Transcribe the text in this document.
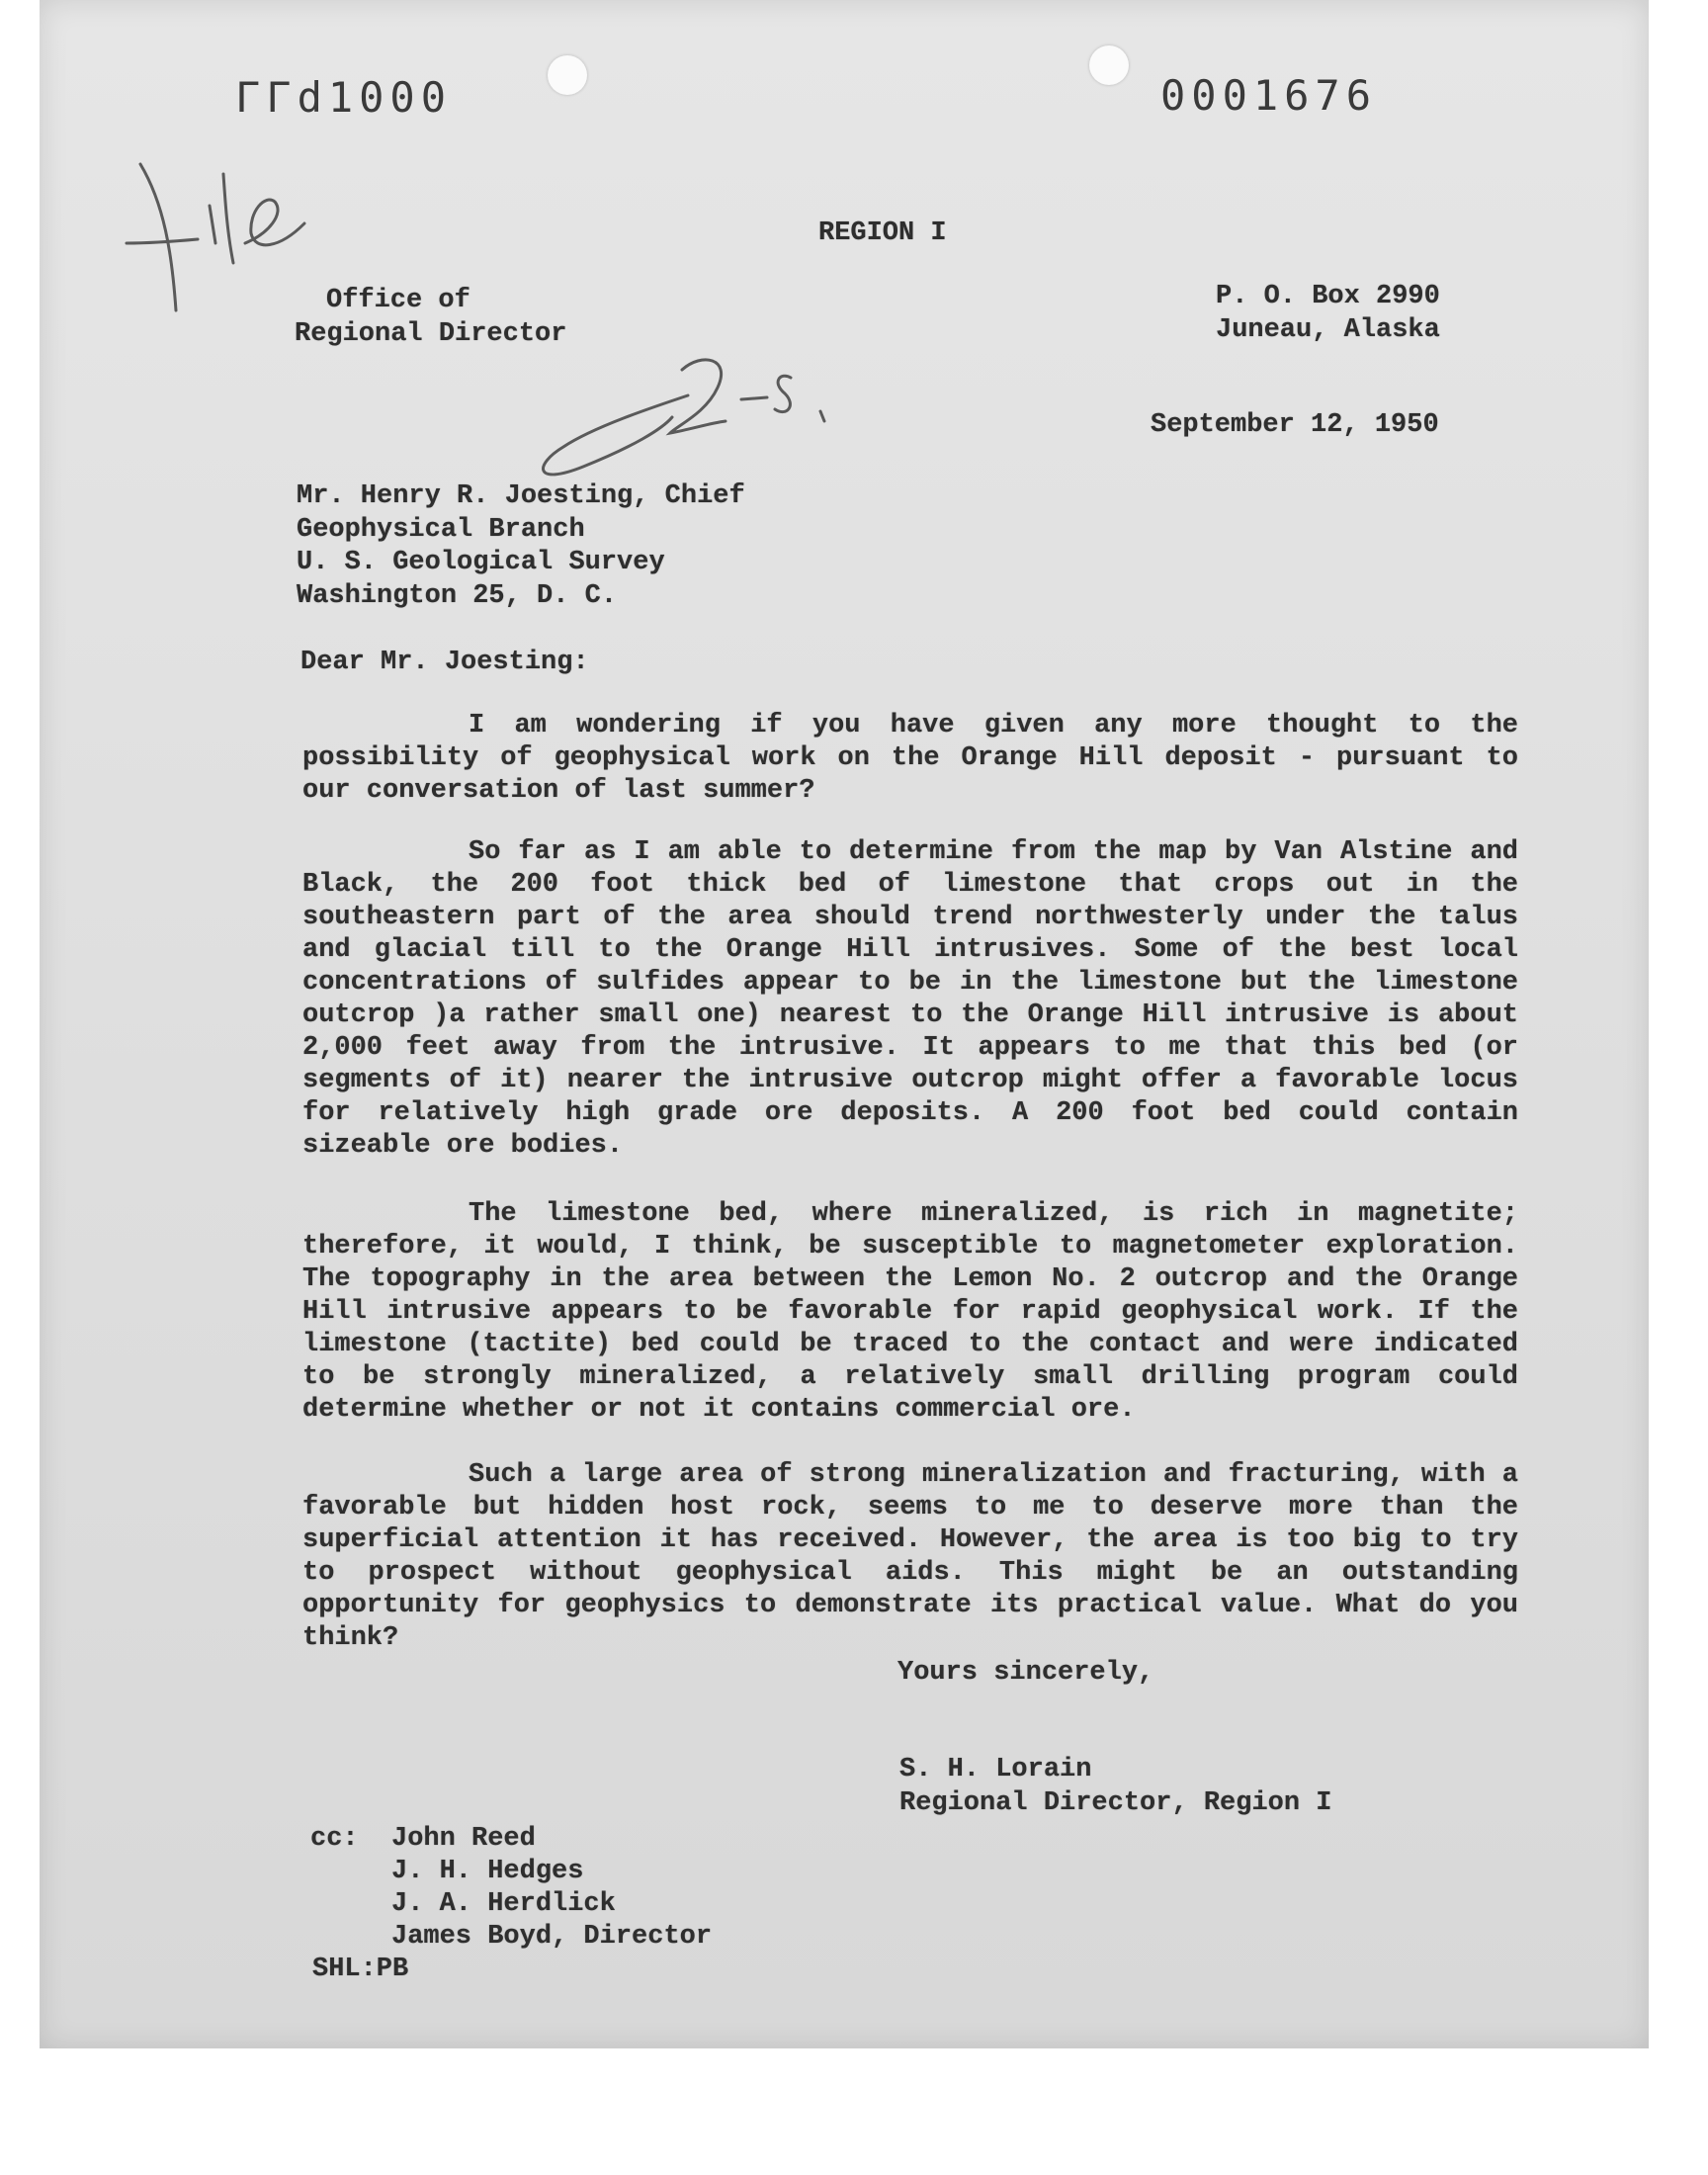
ΓΓd1000	0001676
REGION I
Office of
Regional Director
P. O. Box 2990
Juneau, Alaska
September 12, 1950
Mr. Henry R. Joesting, Chief
Geophysical Branch
U. S. Geological Survey
Washington 25, D. C.
Dear Mr. Joesting:

I am wondering if you have given any more thought to the possibility of geophysical work on the Orange Hill deposit - pursuant to our conversation of last summer?

So far as I am able to determine from the map by Van Alstine and Black, the 200 foot thick bed of limestone that crops out in the southeastern part of the area should trend northwesterly under the talus and glacial till to the Orange Hill intrusives. Some of the best local concentrations of sulfides appear to be in the limestone but the limestone outcrop )a rather small one) nearest to the Orange Hill intrusive is about 2,000 feet away from the intrusive. It appears to me that this bed (or segments of it) nearer the intrusive outcrop might offer a favorable locus for relatively high grade ore deposits. A 200 foot bed could contain sizeable ore bodies.

The limestone bed, where mineralized, is rich in magnetite; therefore, it would, I think, be susceptible to magnetometer exploration. The topography in the area between the Lemon No. 2 outcrop and the Orange Hill intrusive appears to be favorable for rapid geophysical work. If the limestone (tactite) bed could be traced to the contact and were indicated to be strongly mineralized, a relatively small drilling program could determine whether or not it contains commercial ore.

Such a large area of strong mineralization and fracturing, with a favorable but hidden host rock, seems to me to deserve more than the superficial attention it has received. However, the area is too big to try to prospect without geophysical aids. This might be an outstanding opportunity for geophysics to demonstrate its practical value. What do you think?

Yours sincerely,
S. H. Lorain
Regional Director, Region I
cc: John Reed
J. H. Hedges
J. A. Herdlick
James Boyd, Director
SHL:PB
